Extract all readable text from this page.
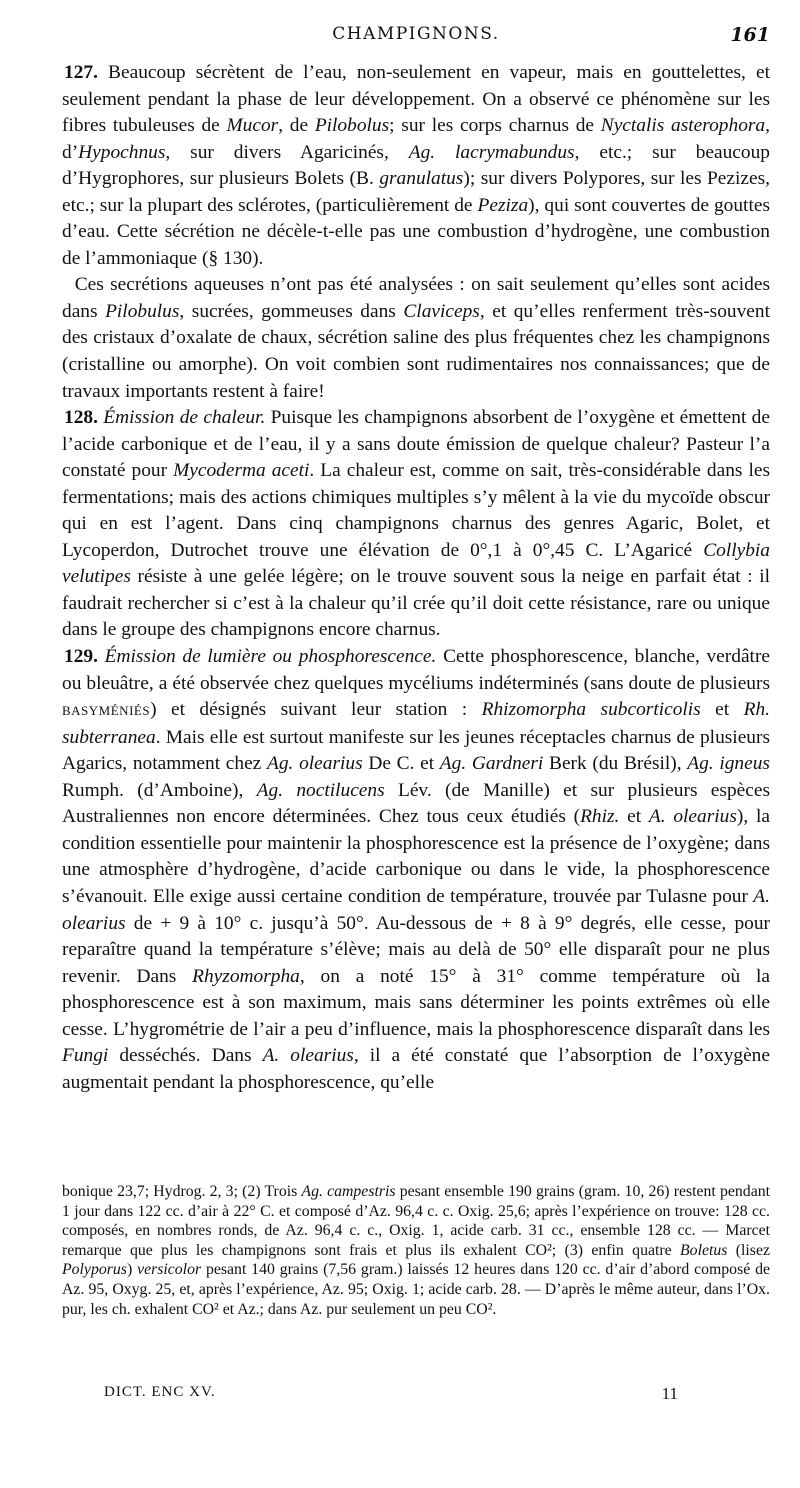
CHAMPIGNONS.	161

127. Beaucoup sécrètent de l’eau, non-seulement en vapeur, mais en gouttelettes, et seulement pendant la phase de leur développement. On a observé ce phénomène sur les fibres tubuleuses de Mucor, de Pilobolus; sur les corps charnus de Nyctalis asterophora, d’Hypochnus, sur divers Agaricinés, Ag. lacrymabundus, etc.; sur beaucoup d’Hygrophores, sur plusieurs Bolets (B. granulatus); sur divers Polypores, sur les Pezizes, etc.; sur la plupart des sclérotes, (particulièrement de Peziza), qui sont couvertes de gouttes d’eau. Cette sécrétion ne décèle-t-elle pas une combustion d’hydrogène, une combustion de l’ammoniaque (§ 130).

Ces secrétions aqueuses n’ont pas été analysées : on sait seulement qu’elles sont acides dans Pilobulus, sucrées, gommeuses dans Claviceps, et qu’elles renferment très-souvent des cristaux d’oxalate de chaux, sécrétion saline des plus fréquentes chez les champignons (cristalline ou amorphe). On voit combien sont rudimentaires nos connaissances; que de travaux importants restent à faire!

128. Émission de chaleur. Puisque les champignons absorbent de l’oxygène et émettent de l’acide carbonique et de l’eau, il y a sans doute émission de quelque chaleur? Pasteur l’a constaté pour Mycoderma aceti. La chaleur est, comme on sait, très-considérable dans les fermentations; mais des actions chimiques multiples s’y mêlent à la vie du mycoïde obscur qui en est l’agent. Dans cinq champignons charnus des genres Agaric, Bolet, et Lycoperdon, Dutrochet trouve une élévation de 0°,1 à 0°,45 C. L’Agaricé Collybia velutipes résiste à une gelée légère; on le trouve souvent sous la neige en parfait état : il faudrait rechercher si c’est à la chaleur qu’il crée qu’il doit cette résistance, rare ou unique dans le groupe des champignons encore charnus.

129. Émission de lumière ou phosphorescence. Cette phosphorescence, blanche, verdâtre ou bleuâtre, a été observée chez quelques mycéliums indéterminés (sans doute de plusieurs BASYMÉNIÉS) et désignés suivant leur station : Rhizomorpha subcorticolis et Rh. subterranea. Mais elle est surtout manifeste sur les jeunes réceptacles charnus de plusieurs Agarics, notamment chez Ag. olearius De C. et Ag. Gardneri Berk (du Brésil), Ag. igneus Rumph. (d’Amboine), Ag. noctilucens Lév. (de Manille) et sur plusieurs espèces Australiennes non encore déterminées. Chez tous ceux étudiés (Rhiz. et A. olearius), la condition essentielle pour maintenir la phosphorescence est la présence de l’oxygène; dans une atmosphère d’hydrogène, d’acide carbonique ou dans le vide, la phosphorescence s’évanouit. Elle exige aussi certaine condition de température, trouvée par Tulasne pour A. olearius de + 9 à 10° c. jusqu’à 50°. Au-dessous de + 8 à 9° degrés, elle cesse, pour reparaître quand la température s’élève; mais au delà de 50° elle disparaît pour ne plus revenir. Dans Rhyzomorpha, on a noté 15° à 31° comme température où la phosphorescence est à son maximum, mais sans déterminer les points extrêmes où elle cesse. L’hygrométrie de l’air a peu d’influence, mais la phosphorescence disparaît dans les Fungi desséchés. Dans A. olearius, il a été constaté que l’absorption de l’oxygène augmentait pendant la phosphorescence, qu’elle

bonique 23,7; Hydrog. 2, 3; (2) Trois Ag. campestris pesant ensemble 190 grains (gram. 10, 26) restent pendant 1 jour dans 122 cc. d’air à 22° C. et composé d’Az. 96,4 c. c. Oxig. 25,6; après l’expérience on trouve: 128 cc. composés, en nombres ronds, de Az. 96,4 c. c., Oxig. 1, acide carb. 31 cc., ensemble 128 cc. — Marcet remarque que plus les champignons sont frais et plus ils exhalent CO²; (3) enfin quatre Boletus (lisez Polyporus) versicolor pesant 140 grains (7,56 gram.) laissés 12 heures dans 120 cc. d’air d’abord composé de Az. 95, Oxyg. 25, et, après l’expérience, Az. 95; Oxig. 1; acide carb. 28. — D’après le même auteur, dans l’Ox. pur, les ch. exhalent CO² et Az.; dans Az. pur seulement un peu CO².

DICT. ENC XV.	11
